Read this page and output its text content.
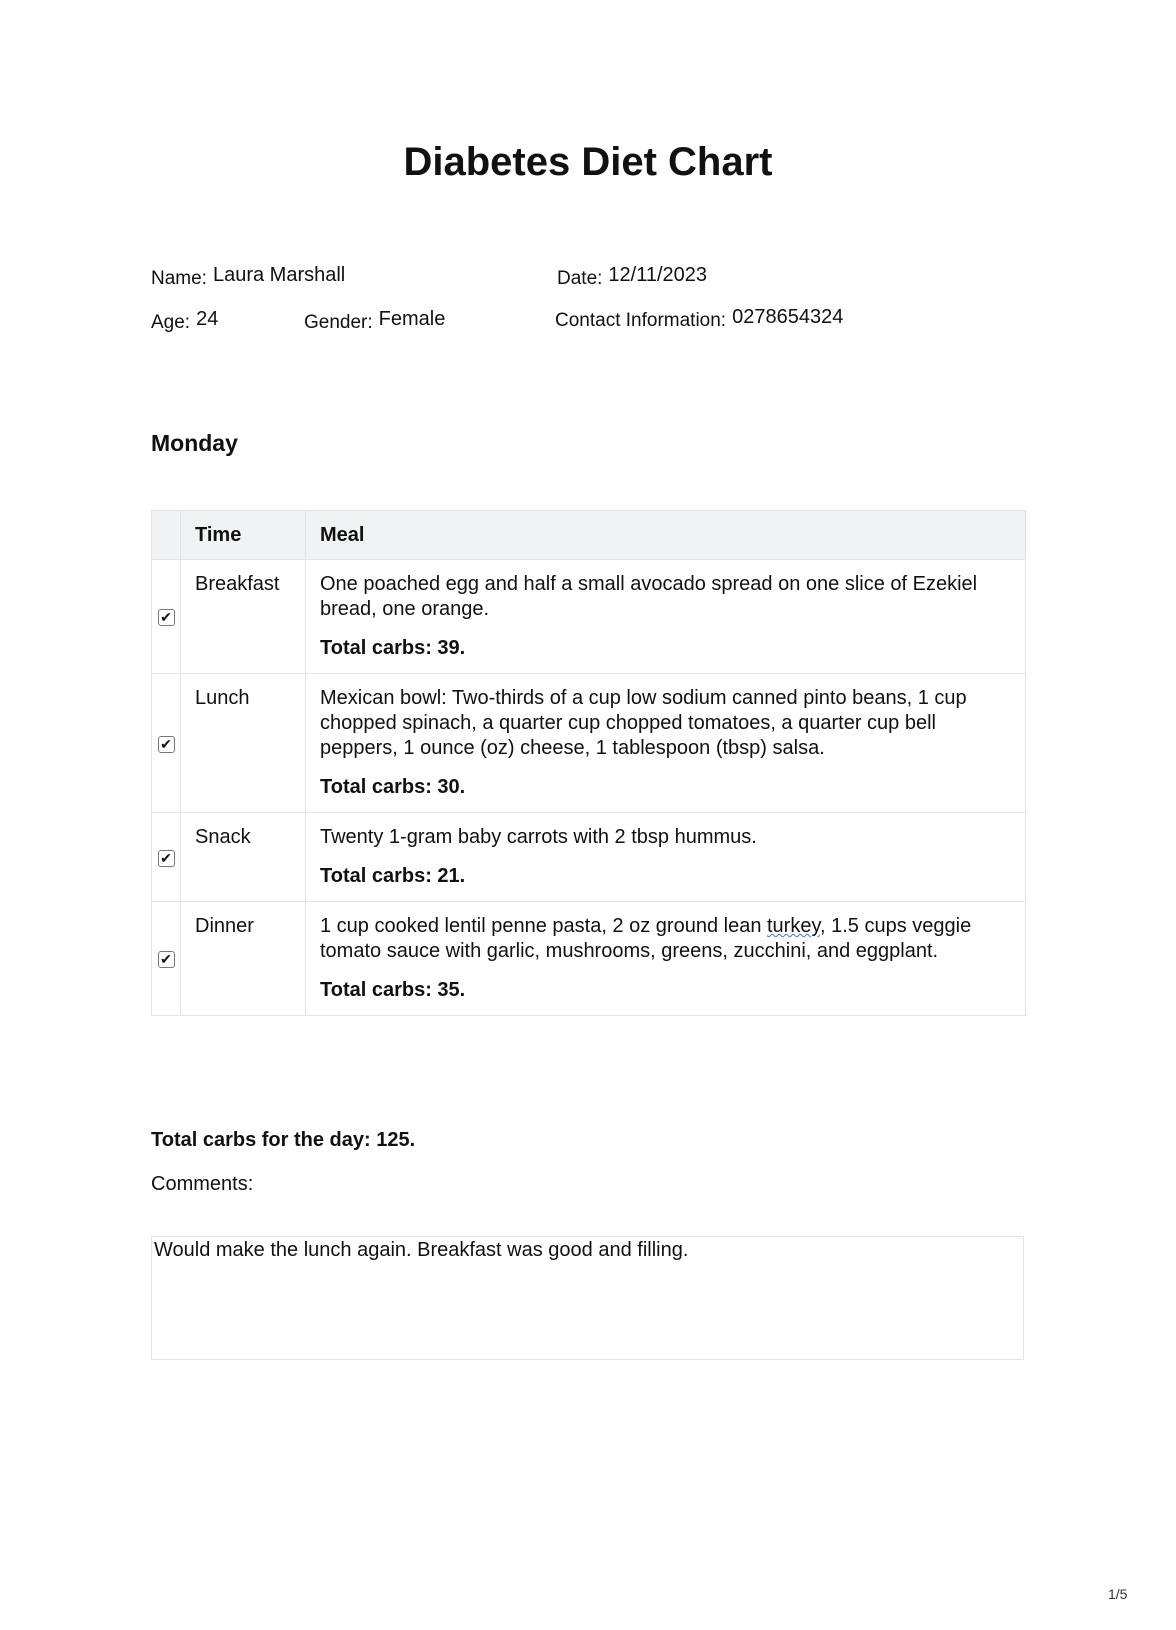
Diabetes Diet Chart
Name: Laura Marshall	Date: 12/11/2023
Age: 24	Gender: Female	Contact Information: 0278654324
Monday
	Time	Meal
✔	Breakfast	One poached egg and half a small avocado spread on one slice of Ezekiel bread, one orange.
Total carbs: 39.

✔	Lunch	Mexican bowl: Two-thirds of a cup low sodium canned pinto beans, 1 cup chopped spinach, a quarter cup chopped tomatoes, a quarter cup bell peppers, 1 ounce (oz) cheese, 1 tablespoon (tbsp) salsa.
Total carbs: 30.

✔	Snack	Twenty 1-gram baby carrots with 2 tbsp hummus.
Total carbs: 21.

✔	Dinner	1 cup cooked lentil penne pasta, 2 oz ground lean turkey, 1.5 cups veggie tomato sauce with garlic, mushrooms, greens, zucchini, and eggplant.
Total carbs: 35.
Total carbs for the day: 125.
Comments:
Would make the lunch again. Breakfast was good and filling.
1/5
